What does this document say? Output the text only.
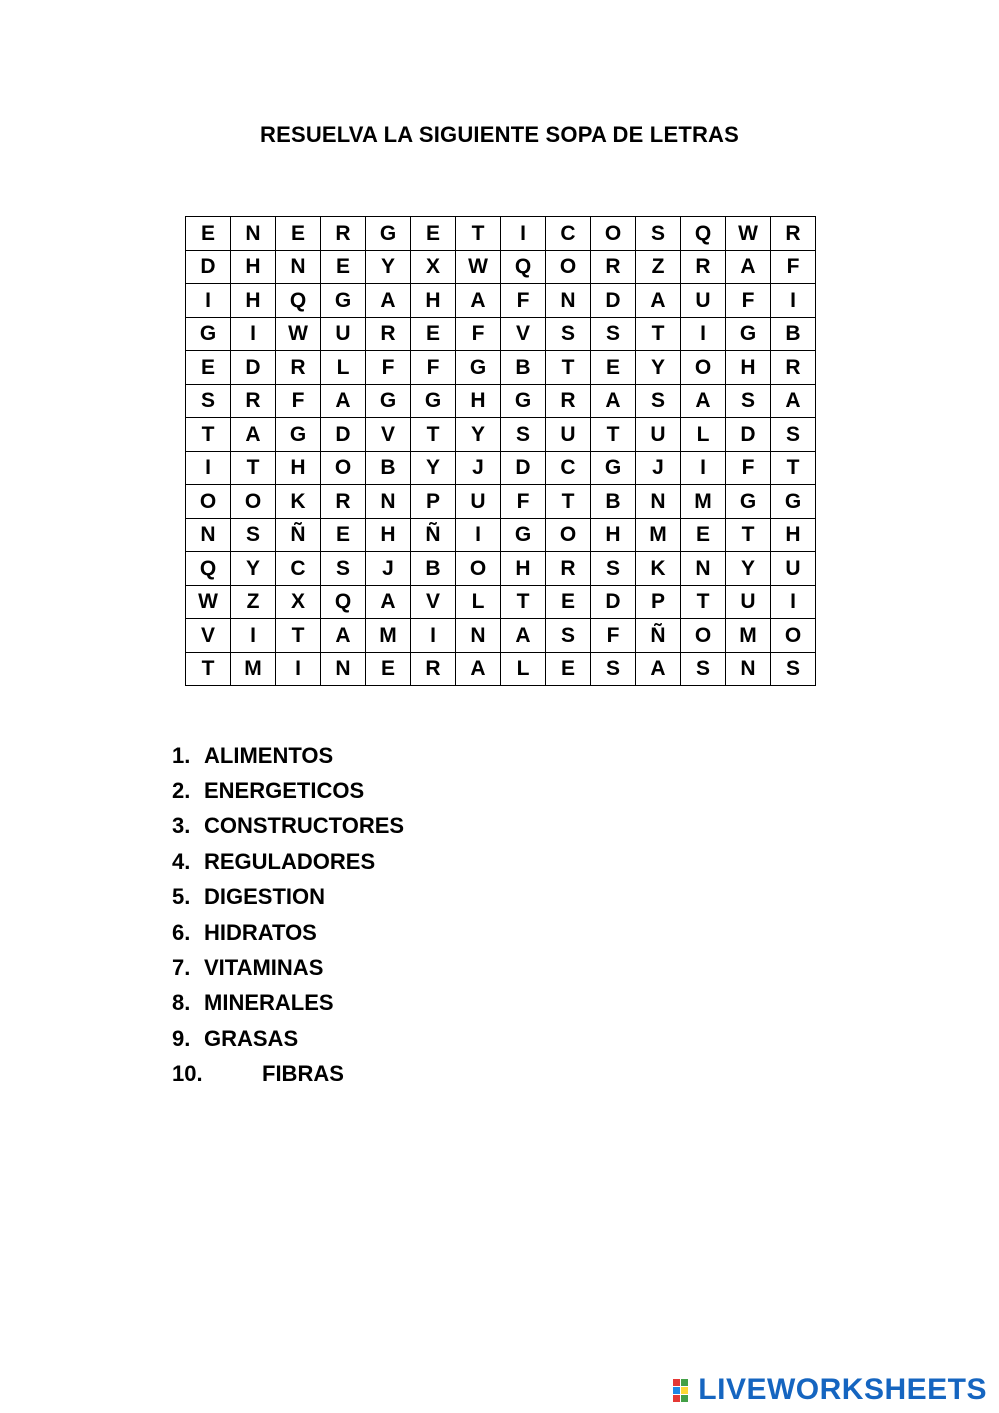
RESUELVA LA SIGUIENTE SOPA DE LETRAS
E	N	E	R	G	E	T	I	C	O	S	Q	W	R
D	H	N	E	Y	X	W	Q	O	R	Z	R	A	F
I	H	Q	G	A	H	A	F	N	D	A	U	F	I
G	I	W	U	R	E	F	V	S	S	T	I	G	B
E	D	R	L	F	F	G	B	T	E	Y	O	H	R
S	R	F	A	G	G	H	G	R	A	S	A	S	A
T	A	G	D	V	T	Y	S	U	T	U	L	D	S
I	T	H	O	B	Y	J	D	C	G	J	I	F	T
O	O	K	R	N	P	U	F	T	B	N	M	G	G
N	S	Ñ	E	H	Ñ	I	G	O	H	M	E	T	H
Q	Y	C	S	J	B	O	H	R	S	K	N	Y	U
W	Z	X	Q	A	V	L	T	E	D	P	T	U	I
V	I	T	A	M	I	N	A	S	F	Ñ	O	M	O
T	M	I	N	E	R	A	L	E	S	A	S	N	S
1. ALIMENTOS
2. ENERGETICOS
3. CONSTRUCTORES
4. REGULADORES
5. DIGESTION
6. HIDRATOS
7. VITAMINAS
8. MINERALES
9. GRASAS
10.	FIBRAS
LIVEWORKSHEETS
